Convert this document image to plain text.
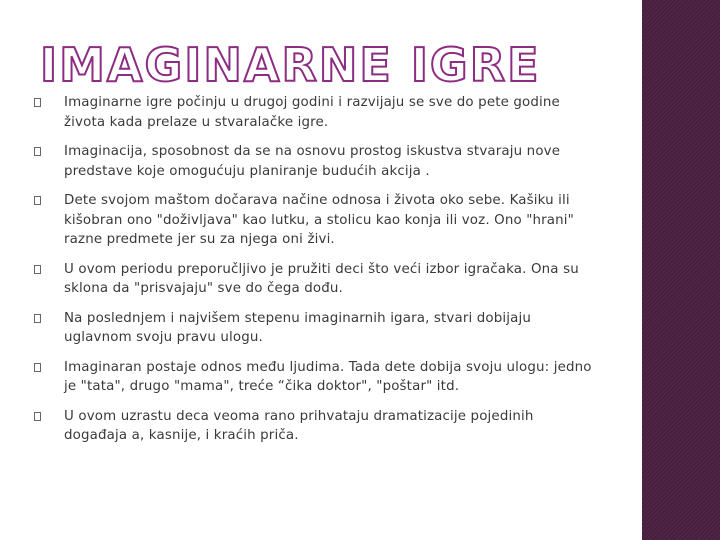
IMAGINARNE IGRE
Imaginarne igre počinju u drugoj godini i razvijaju se sve do pete godine života kada prelaze u stvaralačke igre.
Imaginacija, sposobnost da se na osnovu prostog iskustva stvaraju nove predstave koje omogućuju planiranje budućih akcija .
Dete svojom maštom dočarava načine odnosa i života oko sebe. Kašiku ili kišobran ono "doživljava" kao lutku, a stolicu kao konja ili voz. Ono "hrani" razne predmete jer su za njega oni živi.
U ovom periodu preporučljivo je pružiti deci što veći izbor igračaka. Ona su sklona da "prisvajaju" sve do čega dođu.
Na poslednjem i najvišem stepenu imaginarnih igara, stvari dobijaju uglavnom svoju pravu ulogu.
Imaginaran postaje odnos među ljudima. Tada dete dobija svoju ulogu: jedno je "tata", drugo "mama", treće “čika doktor", "poštar" itd.
U ovom uzrastu deca veoma rano prihvataju dramatizacije pojedinih događaja a, kasnije, i kraćih priča.
